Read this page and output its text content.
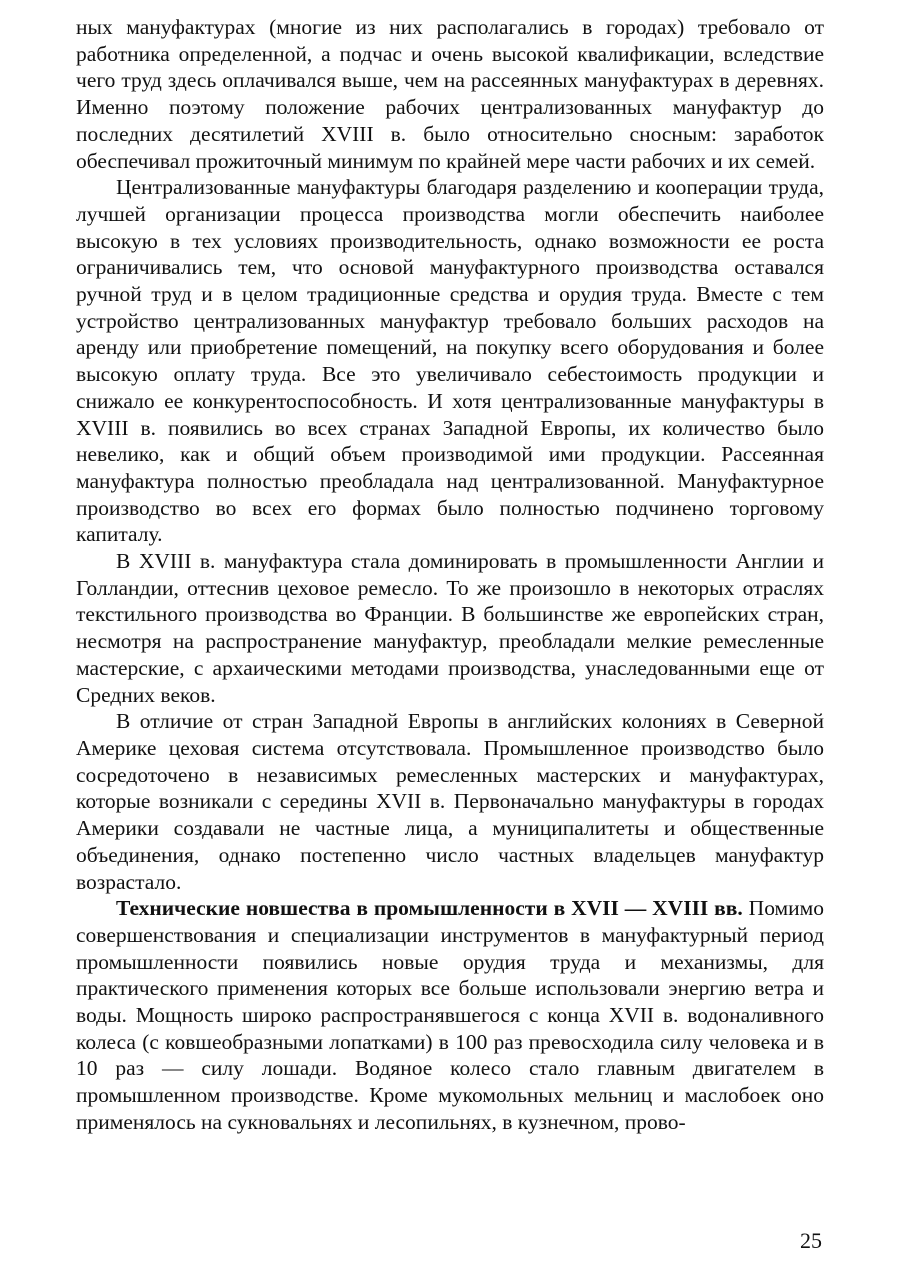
ных мануфактурах (многие из них располагались в городах) требовало от работника определенной, а подчас и очень высокой квалификации, вследствие чего труд здесь оплачивался выше, чем на рассеянных мануфактурах в деревнях. Именно поэтому положение рабочих централизованных мануфактур до последних десятилетий XVIII в. было относительно сносным: заработок обеспечивал прожиточный минимум по крайней мере части рабочих и их семей.

Централизованные мануфактуры благодаря разделению и кооперации труда, лучшей организации процесса производства могли обеспечить наиболее высокую в тех условиях производительность, однако возможности ее роста ограничивались тем, что основой мануфактурного производства оставался ручной труд и в целом традиционные средства и орудия труда. Вместе с тем устройство централизованных мануфактур требовало больших расходов на аренду или приобретение помещений, на покупку всего оборудования и более высокую оплату труда. Все это увеличивало себестоимость продукции и снижало ее конкурентоспособность. И хотя централизованные мануфактуры в XVIII в. появились во всех странах Западной Европы, их количество было невелико, как и общий объем производимой ими продукции. Рассеянная мануфактура полностью преобладала над централизованной. Мануфактурное производство во всех его формах было полностью подчинено торговому капиталу.

В XVIII в. мануфактура стала доминировать в промышленности Англии и Голландии, оттеснив цеховое ремесло. То же произошло в некоторых отраслях текстильного производства во Франции. В большинстве же европейских стран, несмотря на распространение мануфактур, преобладали мелкие ремесленные мастерские, с архаическими методами производства, унаследованными еще от Средних веков.

В отличие от стран Западной Европы в английских колониях в Северной Америке цеховая система отсутствовала. Промышленное производство было сосредоточено в независимых ремесленных мастерских и мануфактурах, которые возникали с середины XVII в. Первоначально мануфактуры в городах Америки создавали не частные лица, а муниципалитеты и общественные объединения, однако постепенно число частных владельцев мануфактур возрастало.

Технические новшества в промышленности в XVII — XVIII вв. Помимо совершенствования и специализации инструментов в мануфактурный период промышленности появились новые орудия труда и механизмы, для практического применения которых все больше использовали энергию ветра и воды. Мощность широко распространявшегося с конца XVII в. водоналивного колеса (с ковшеобразными лопатками) в 100 раз превосходила силу человека и в 10 раз — силу лошади. Водяное колесо стало главным двигателем в промышленном производстве. Кроме мукомольных мельниц и маслобоек оно применялось на сукновальнях и лесопильнях, в кузнечном, прово-

25
